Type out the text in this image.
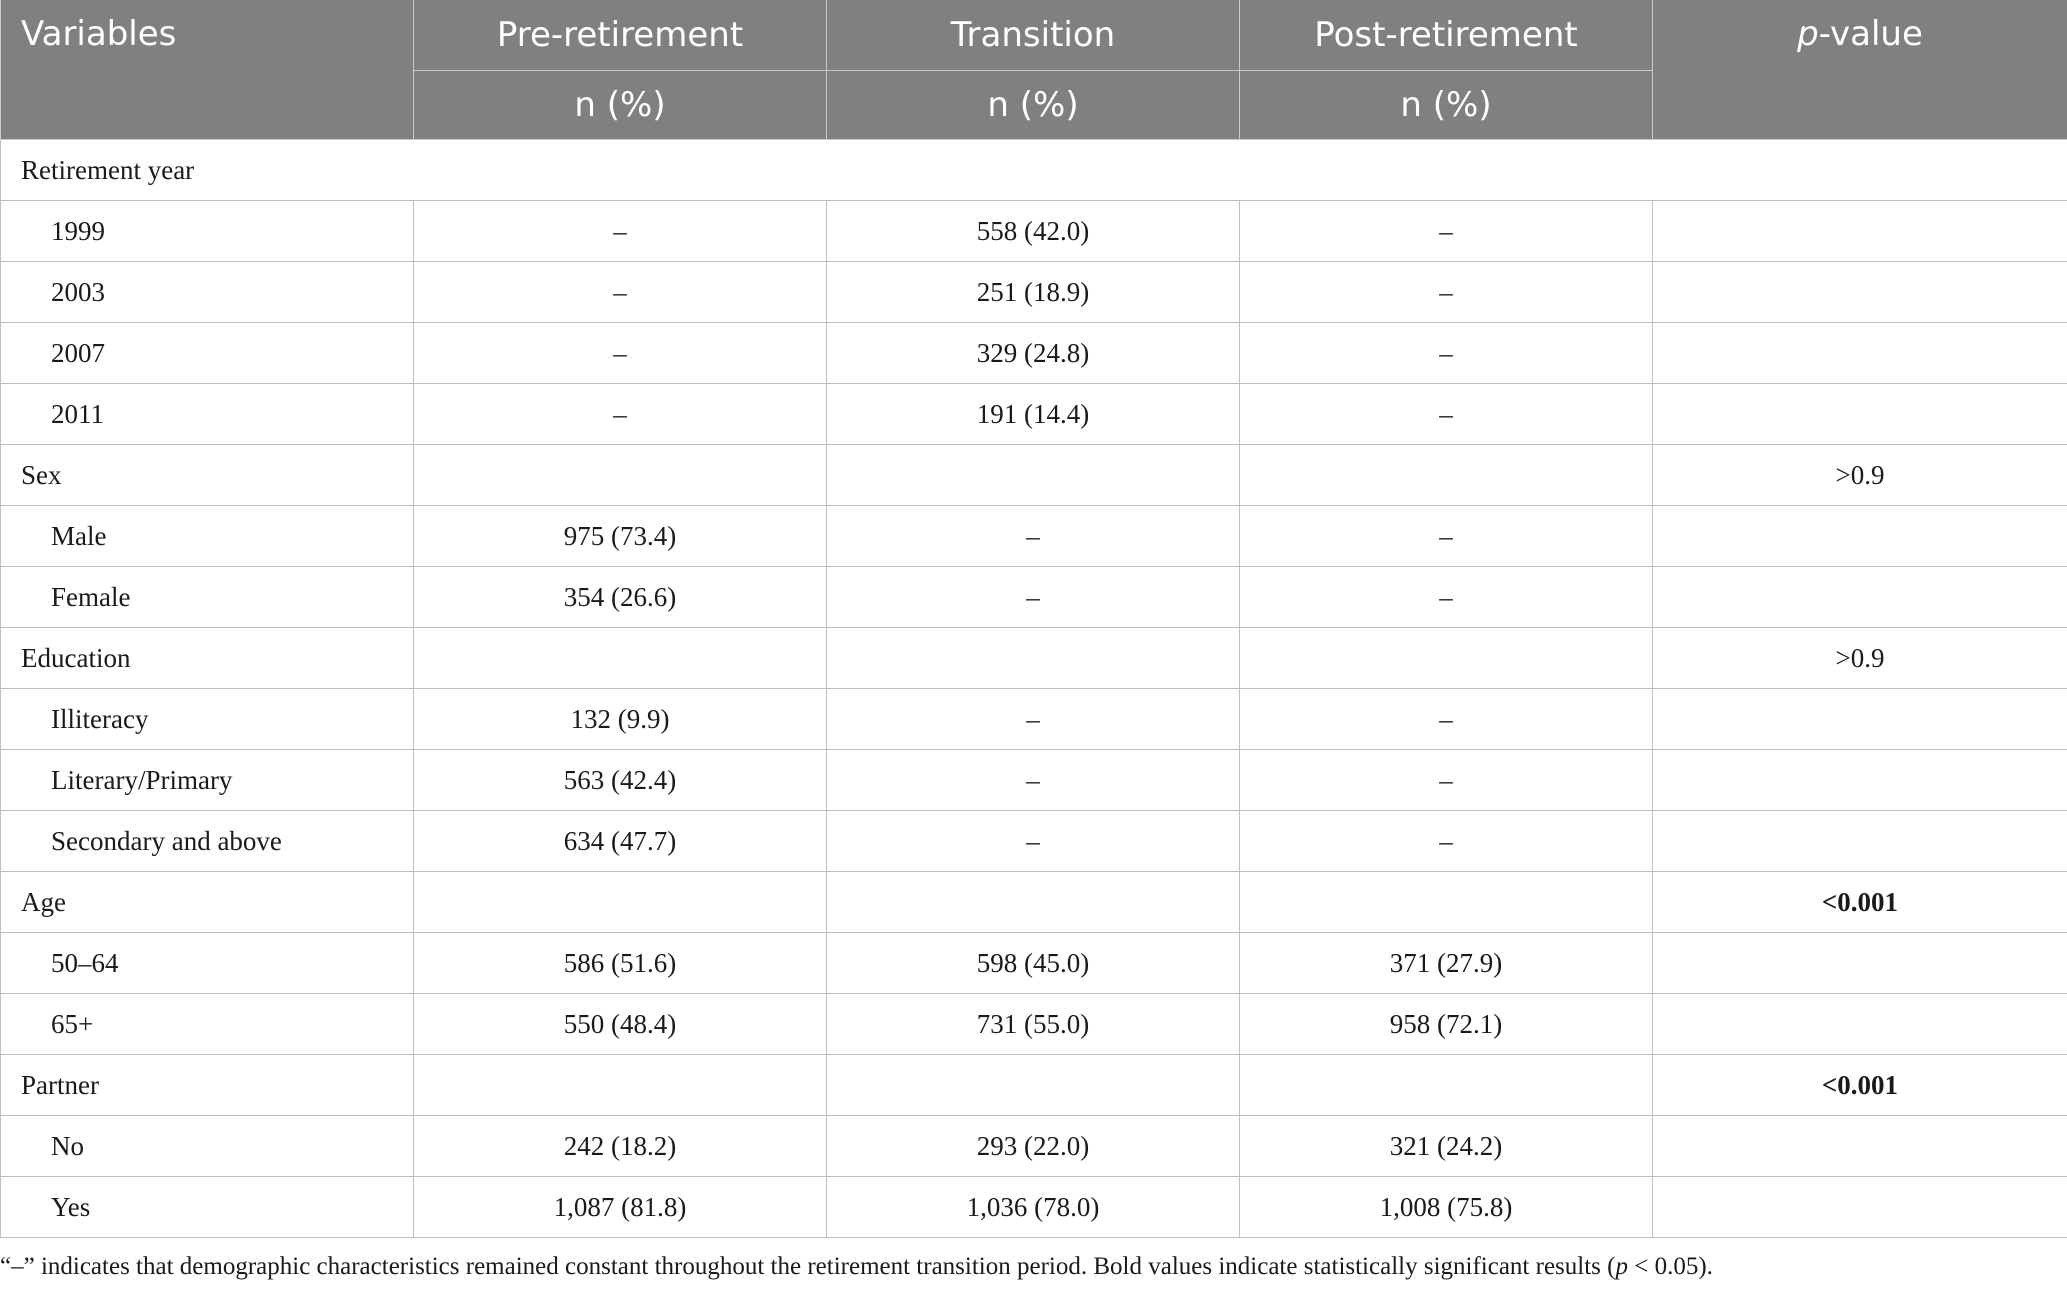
Variables	Pre-retirement	Transition	Post-retirement	p-value
	n (%)	n (%)	n (%)	
Retirement year				
1999	–	558 (42.0)	–	
2003	–	251 (18.9)	–	
2007	–	329 (24.8)	–	
2011	–	191 (14.4)	–	
Sex				>0.9
Male	975 (73.4)	–	–	
Female	354 (26.6)	–	–	
Education				>0.9
Illiteracy	132 (9.9)	–	–	
Literary/Primary	563 (42.4)	–	–	
Secondary and above	634 (47.7)	–	–	
Age				<0.001
50–64	586 (51.6)	598 (45.0)	371 (27.9)	
65+	550 (48.4)	731 (55.0)	958 (72.1)	
Partner				<0.001
No	242 (18.2)	293 (22.0)	321 (24.2)	
Yes	1,087 (81.8)	1,036 (78.0)	1,008 (75.8)	
“–” indicates that demographic characteristics remained constant throughout the retirement transition period. Bold values indicate statistically significant results (p < 0.05).
